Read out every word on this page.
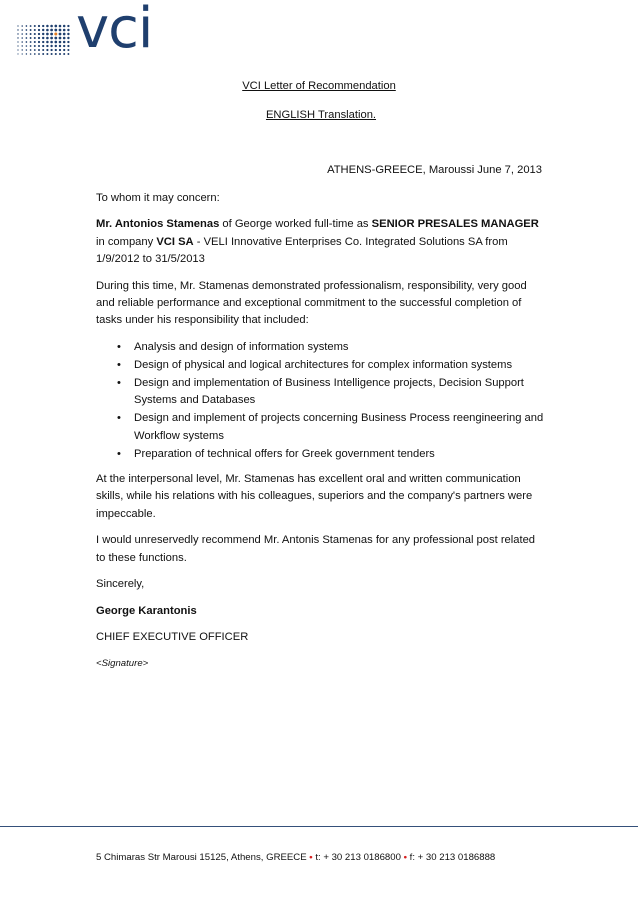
vci
VCI Letter of Recommendation
ENGLISH Translation.
ATHENS-GREECE, Maroussi June 7, 2013

To whom it may concern:

Mr. Antonios Stamenas of George worked full-time as SENIOR PRESALES MANAGER in company VCI SA - VELI Innovative Enterprises Co. Integrated Solutions SA from 1/9/2012 to 31/5/2013

During this time, Mr. Stamenas demonstrated professionalism, responsibility, very good and reliable performance and exceptional commitment to the successful completion of tasks under his responsibility that included:

• Analysis and design of information systems
• Design of physical and logical architectures for complex information systems
• Design and implementation of Business Intelligence projects, Decision Support Systems and Databases
• Design and implement of projects concerning Business Process reengineering and Workflow systems
• Preparation of technical offers for Greek government tenders

At the interpersonal level, Mr. Stamenas has excellent oral and written communication skills, while his relations with his colleagues, superiors and the company's partners were impeccable.

I would unreservedly recommend Mr. Antonis Stamenas for any professional post related to these functions.

Sincerely,

George Karantonis

CHIEF EXECUTIVE OFFICER

<Signature>

5 Chimaras Str Marousi 15125, Athens, GREECE • t: + 30 213 0186800 • f: + 30 213 0186888
